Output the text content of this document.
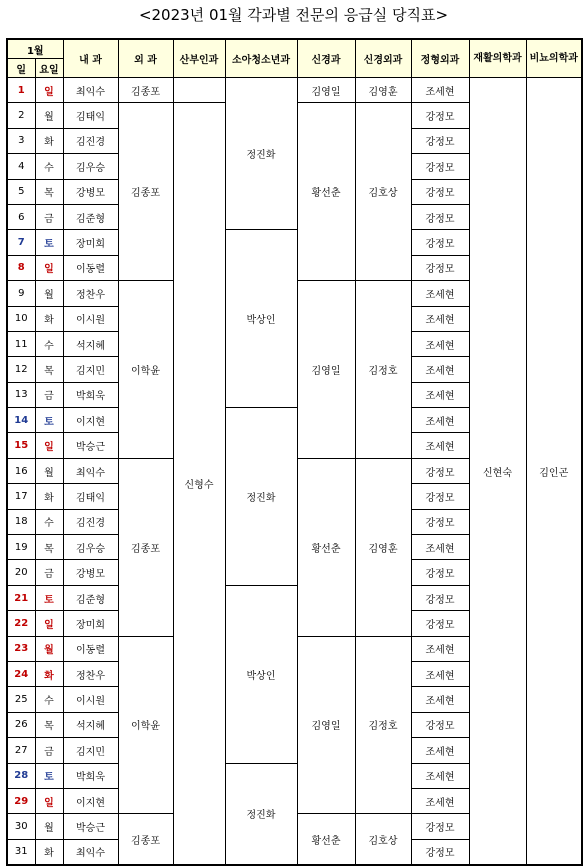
<2023년 01월 각과별 전문의 응급실 당직표>
1월		내 과	외 과	산부인과	소아청소년과	신경과	신경외과	정형외과	재활의학과	비뇨의학과
일	요일									
1	일	최익수	김종포		정진화	김영일	김영훈	조세현	신현숙	김인곤
2	월	김태익	김종포	신형수		황선춘	김호상	강정모		
3	화	김진경						강정모		
4	수	김우승						강정모		
5	목	강병모						강정모		
6	금	김준형						강정모		
7	토	장미희			박상인			강정모		
8	일	이동렬						강정모		
9	월	정찬우	이학윤			김영일	김정호	조세현		
10	화	이시원						조세현		
11	수	석지혜						조세현		
12	목	김지민						조세현		
13	금	박희욱						조세현		
14	토	이지현			정진화			조세현		
15	일	박승근						조세현		
16	월	최익수	김종포			황선춘	김영훈	강정모		
17	화	김태익						강정모		
18	수	김진경						강정모		
19	목	김우승						조세현		
20	금	강병모						강정모		
21	토	김준형			박상인			강정모		
22	일	장미희						강정모		
23	월	이동렬	이학윤			김영일	김정호	조세현		
24	화	정찬우						조세현		
25	수	이시원						조세현		
26	목	석지혜						강정모		
27	금	김지민						조세현		
28	토	박희욱			정진화			조세현		
29	일	이지현						조세현		
30	월	박승근	김종포			황선춘	김호상	강정모		
31	화	최익수						강정모		
